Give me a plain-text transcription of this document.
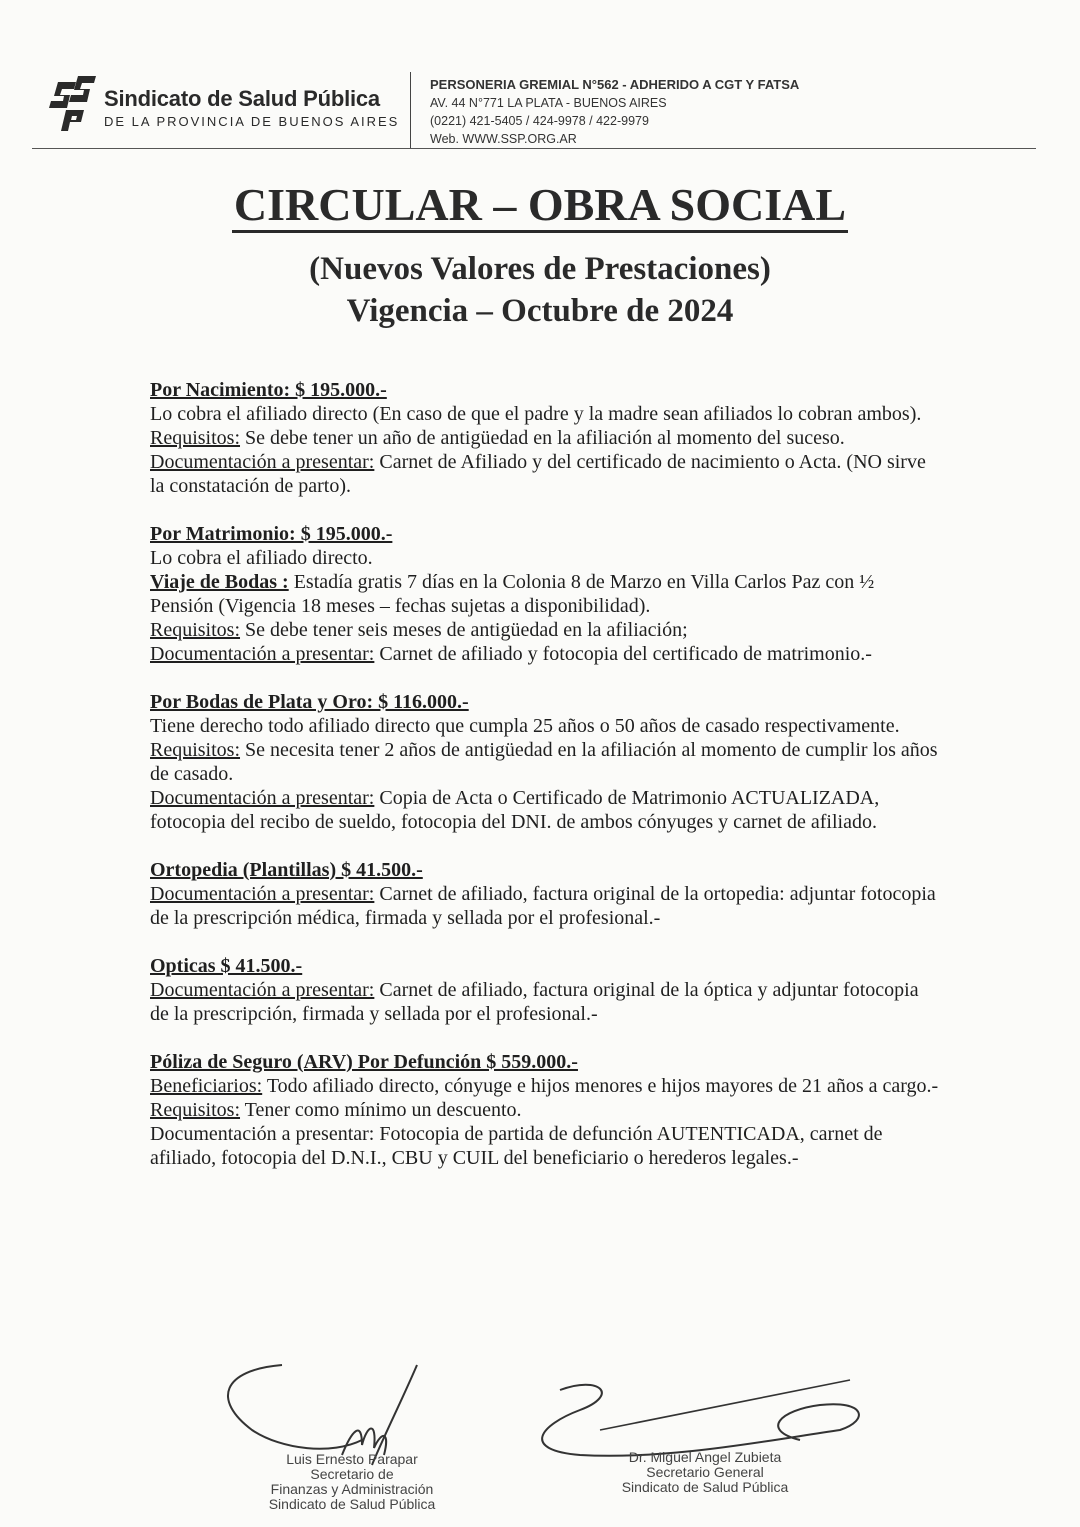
Sindicato de Salud Pública
DE LA PROVINCIA DE BUENOS AIRES
PERSONERIA GREMIAL N°562 - ADHERIDO A CGT Y FATSA
AV. 44 N°771 LA PLATA - BUENOS AIRES
(0221) 421-5405 / 424-9978 / 422-9979
Web. WWW.SSP.ORG.AR
CIRCULAR – OBRA SOCIAL
(Nuevos Valores de Prestaciones)
Vigencia – Octubre de 2024

Por Nacimiento: $ 195.000.-

Lo cobra el afiliado directo (En caso de que el padre y la madre sean afiliados lo cobran ambos).

Requisitos: Se debe tener un año de antigüedad en la afiliación al momento del suceso.

Documentación a presentar: Carnet de Afiliado y del certificado de nacimiento o Acta. (NO sirve la constatación de parto).

Por Matrimonio: $ 195.000.-

Lo cobra el afiliado directo.

Viaje de Bodas : Estadía gratis 7 días en la Colonia 8 de Marzo en Villa Carlos Paz con ½ Pensión (Vigencia 18 meses – fechas sujetas a disponibilidad).

Requisitos: Se debe tener seis meses de antigüedad en la afiliación;

Documentación a presentar: Carnet de afiliado y fotocopia del certificado de matrimonio.-

Por Bodas de Plata y Oro: $ 116.000.-

Tiene derecho todo afiliado directo que cumpla 25 años o 50 años de casado respectivamente.

Requisitos: Se necesita tener 2 años de antigüedad en la afiliación al momento de cumplir los años de casado.

Documentación a presentar: Copia de Acta o Certificado de Matrimonio ACTUALIZADA, fotocopia del recibo de sueldo, fotocopia del DNI. de ambos cónyuges y carnet de afiliado.

Ortopedia (Plantillas) $ 41.500.-

Documentación a presentar: Carnet de afiliado, factura original de la ortopedia: adjuntar fotocopia de la prescripción médica, firmada y sellada por el profesional.-

Opticas $ 41.500.-

Documentación a presentar: Carnet de afiliado, factura original de la óptica y adjuntar fotocopia de la prescripción, firmada y sellada por el profesional.-

Póliza de Seguro (ARV) Por Defunción $ 559.000.-

Beneficiarios: Todo afiliado directo, cónyuge e hijos menores e hijos mayores de 21 años a cargo.-

Requisitos: Tener como mínimo un descuento.

Documentación a presentar: Fotocopia de partida de defunción AUTENTICADA, carnet de afiliado, fotocopia del D.N.I., CBU y CUIL del beneficiario o herederos legales.-

Luis Ernesto Parapar
Secretario de
Finanzas y Administración
Sindicato de Salud Pública
Dr. Miguel Angel Zubieta
Secretario General
Sindicato de Salud Pública
